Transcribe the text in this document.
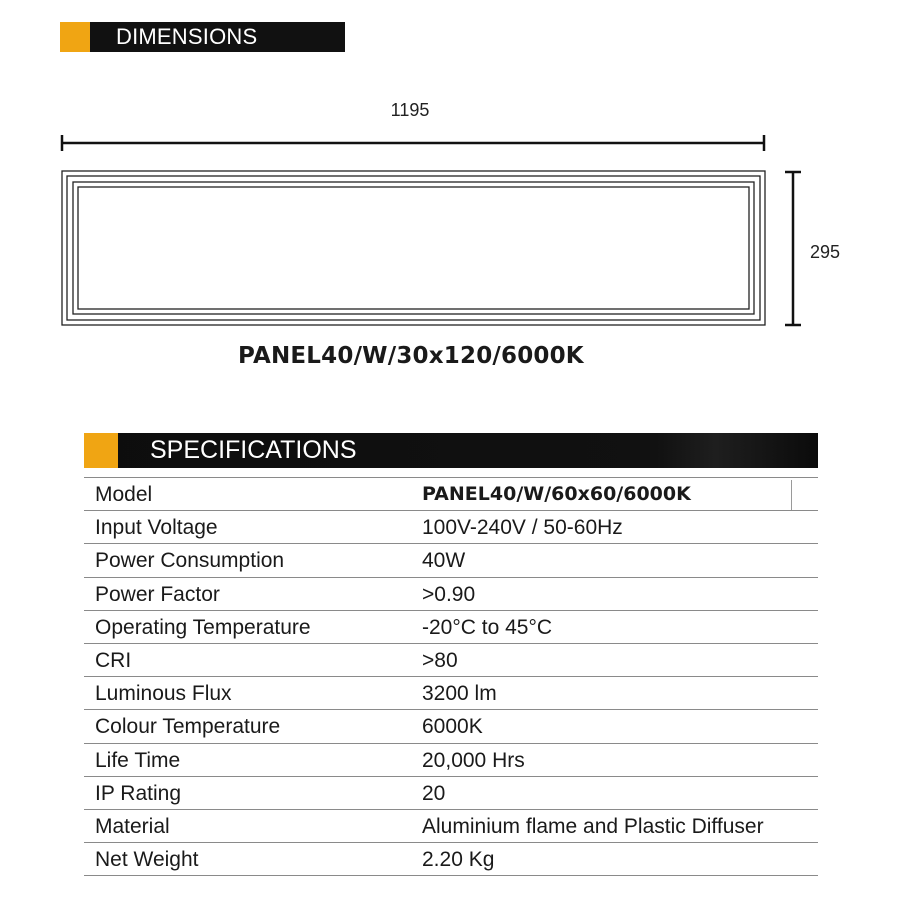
DIMENSIONS
1195
295
PANEL40/W/30x120/6000K
SPECIFICATIONS
Model	PANEL40/W/60x60/6000K
Input Voltage	100V-240V / 50-60Hz
Power Consumption	40W
Power Factor	>0.90
Operating Temperature	-20°C to 45°C
CRI	>80
Luminous Flux	3200 lm
Colour Temperature	6000K
Life Time	20,000 Hrs
IP Rating	20
Material	Aluminium flame and Plastic Diffuser
Net Weight	2.20 Kg
